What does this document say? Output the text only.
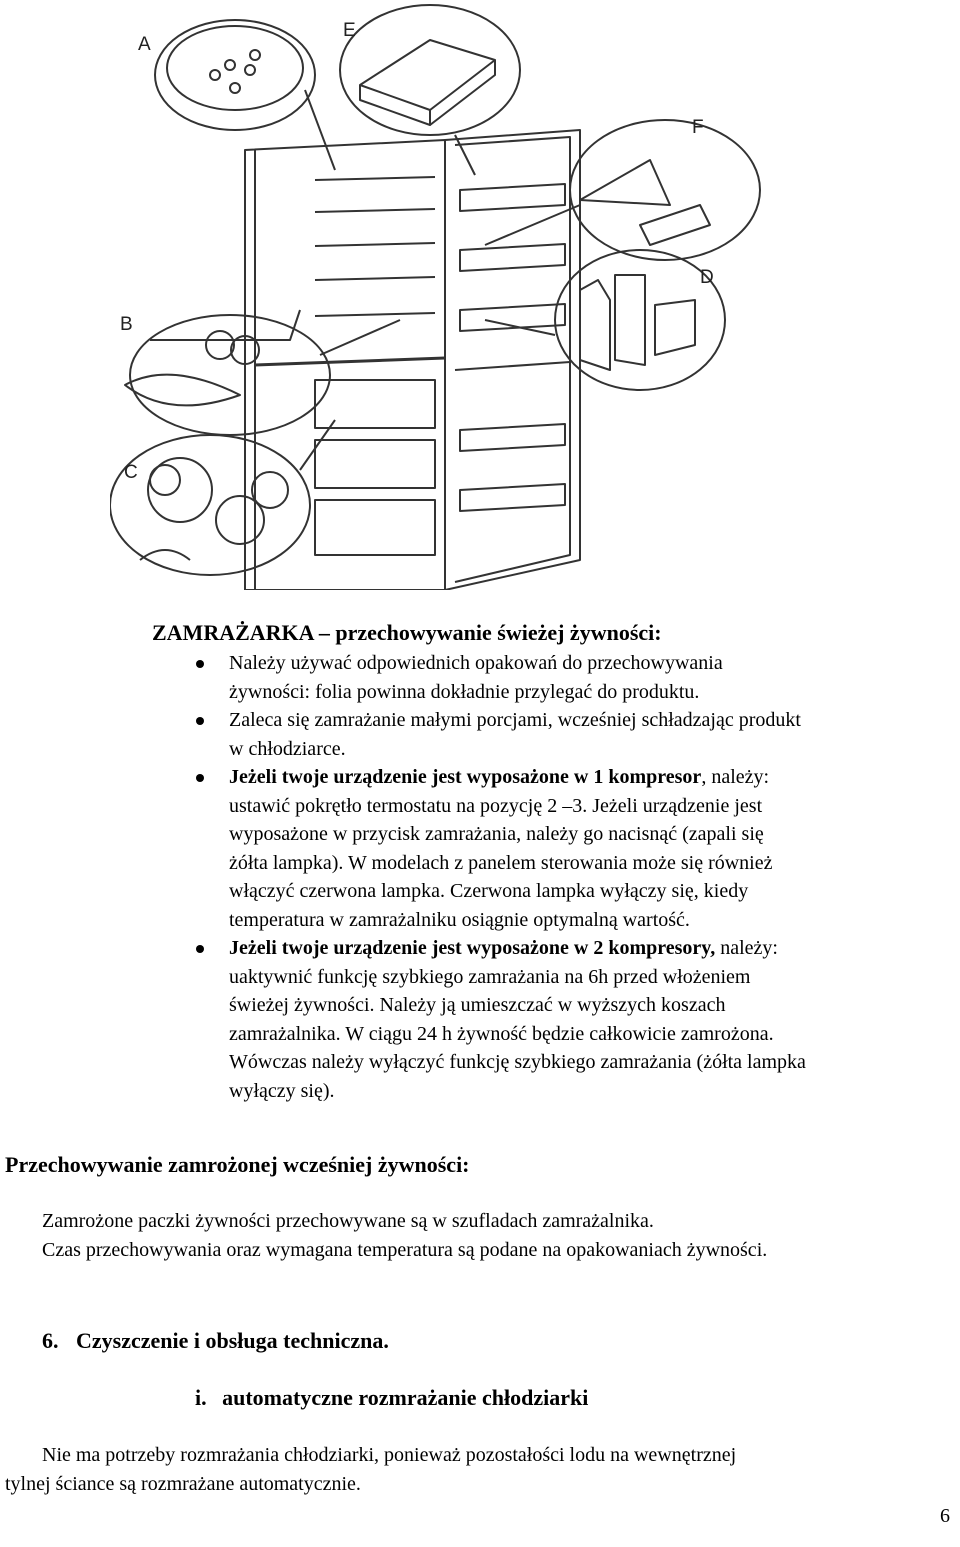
A
E
F
D
B
C
ZAMRAŻARKA – przechowywanie świeżej żywności:
Należy używać odpowiednich opakowań do przechowywania
żywności: folia powinna dokładnie przylegać do produktu.
Zaleca się zamrażanie małymi porcjami, wcześniej schładzając produkt
w chłodziarce.
Jeżeli twoje urządzenie jest wyposażone w 1 kompresor, należy:
ustawić pokrętło termostatu na pozycję 2 –3. Jeżeli urządzenie jest
wyposażone w przycisk zamrażania, należy go nacisnąć (zapali się
żółta lampka). W modelach z panelem sterowania może się również
włączyć czerwona lampka. Czerwona lampka wyłączy się, kiedy
temperatura w zamrażalniku osiągnie optymalną wartość.
Jeżeli twoje urządzenie jest wyposażone w 2 kompresory, należy:
uaktywnić funkcję szybkiego zamrażania na 6h przed włożeniem
świeżej żywności. Należy ją umieszczać w wyższych koszach
zamrażalnika. W ciągu 24 h żywność będzie całkowicie zamrożona.
Wówczas należy wyłączyć funkcję szybkiego zamrażania (żółta lampka
wyłączy się).
Przechowywanie zamrożonej wcześniej żywności:
Zamrożone paczki żywności przechowywane są w szufladach zamrażalnika.
Czas przechowywania oraz wymagana temperatura są podane na opakowaniach żywności.
6. Czyszczenie i obsługa techniczna.
i. automatyczne rozmrażanie chłodziarki
Nie ma potrzeby rozmrażania chłodziarki, ponieważ pozostałości lodu na wewnętrznej
tylnej ściance są rozmrażane automatycznie.
6
